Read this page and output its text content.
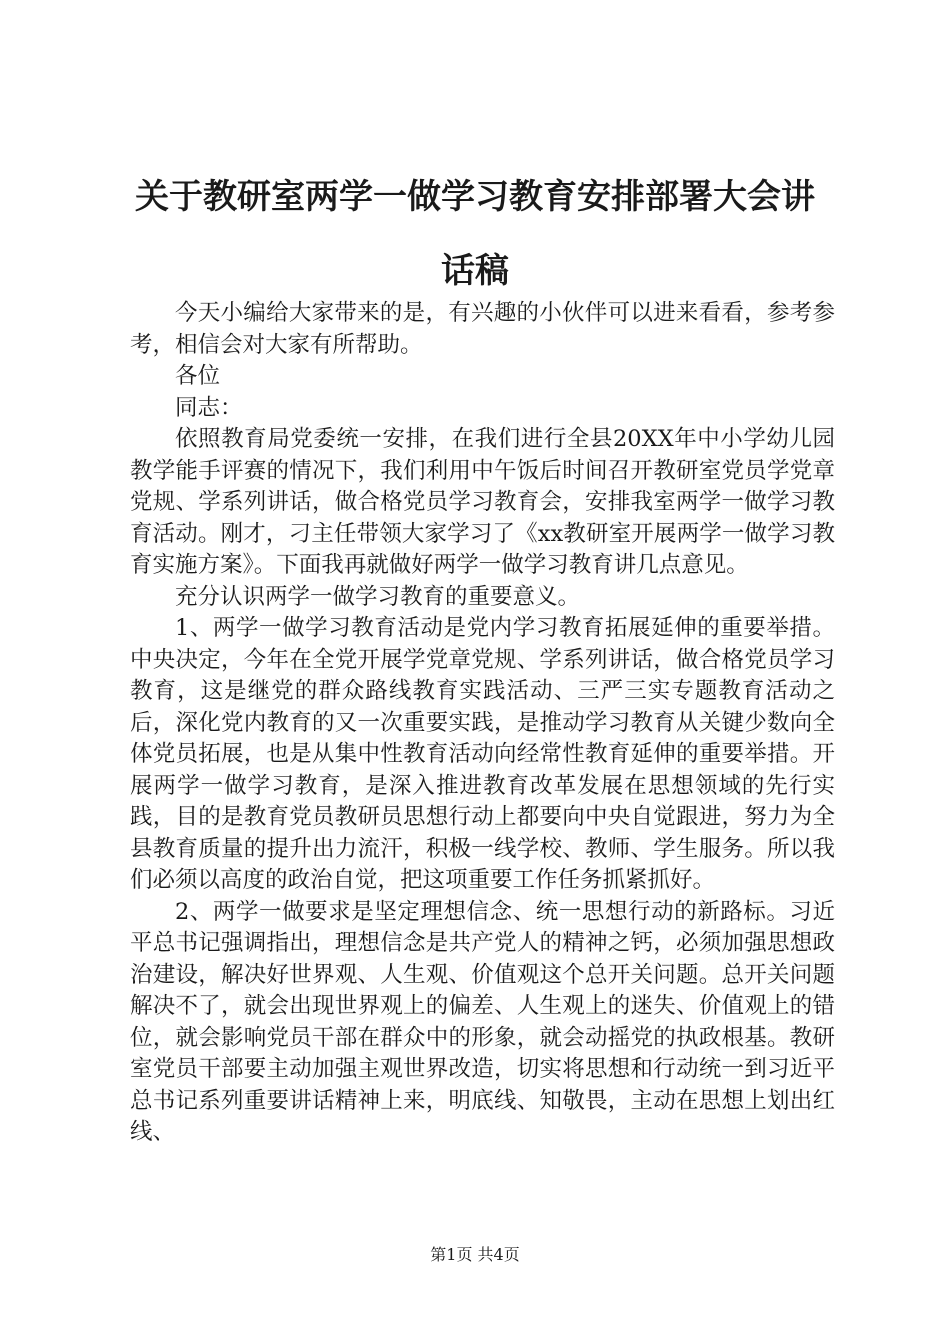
关于教研室两学一做学习教育安排部署大会讲话稿

今天小编给大家带来的是，有兴趣的小伙伴可以进来看看，参考参考，相信会对大家有所帮助。

各位

同志：

依照教育局党委统一安排，在我们进行全县20XX年中小学幼儿园教学能手评赛的情况下，我们利用中午饭后时间召开教研室党员学党章党规、学系列讲话，做合格党员学习教育会，安排我室两学一做学习教育活动。刚才，刁主任带领大家学习了《xx教研室开展两学一做学习教育实施方案》。下面我再就做好两学一做学习教育讲几点意见。

充分认识两学一做学习教育的重要意义。

1、两学一做学习教育活动是党内学习教育拓展延伸的重要举措。中央决定，今年在全党开展学党章党规、学系列讲话，做合格党员学习教育，这是继党的群众路线教育实践活动、三严三实专题教育活动之后，深化党内教育的又一次重要实践，是推动学习教育从关键少数向全体党员拓展，也是从集中性教育活动向经常性教育延伸的重要举措。开展两学一做学习教育，是深入推进教育改革发展在思想领域的先行实践，目的是教育党员教研员思想行动上都要向中央自觉跟进，努力为全县教育质量的提升出力流汗，积极一线学校、教师、学生服务。所以我们必须以高度的政治自觉，把这项重要工作任务抓紧抓好。

2、两学一做要求是坚定理想信念、统一思想行动的新路标。习近平总书记强调指出，理想信念是共产党人的精神之钙，必须加强思想政治建设，解决好世界观、人生观、价值观这个总开关问题。总开关问题解决不了，就会出现世界观上的偏差、人生观上的迷失、价值观上的错位，就会影响党员干部在群众中的形象，就会动摇党的执政根基。教研室党员干部要主动加强主观世界改造，切实将思想和行动统一到习近平总书记系列重要讲话精神上来，明底线、知敬畏，主动在思想上划出红线、

第1页 共4页
